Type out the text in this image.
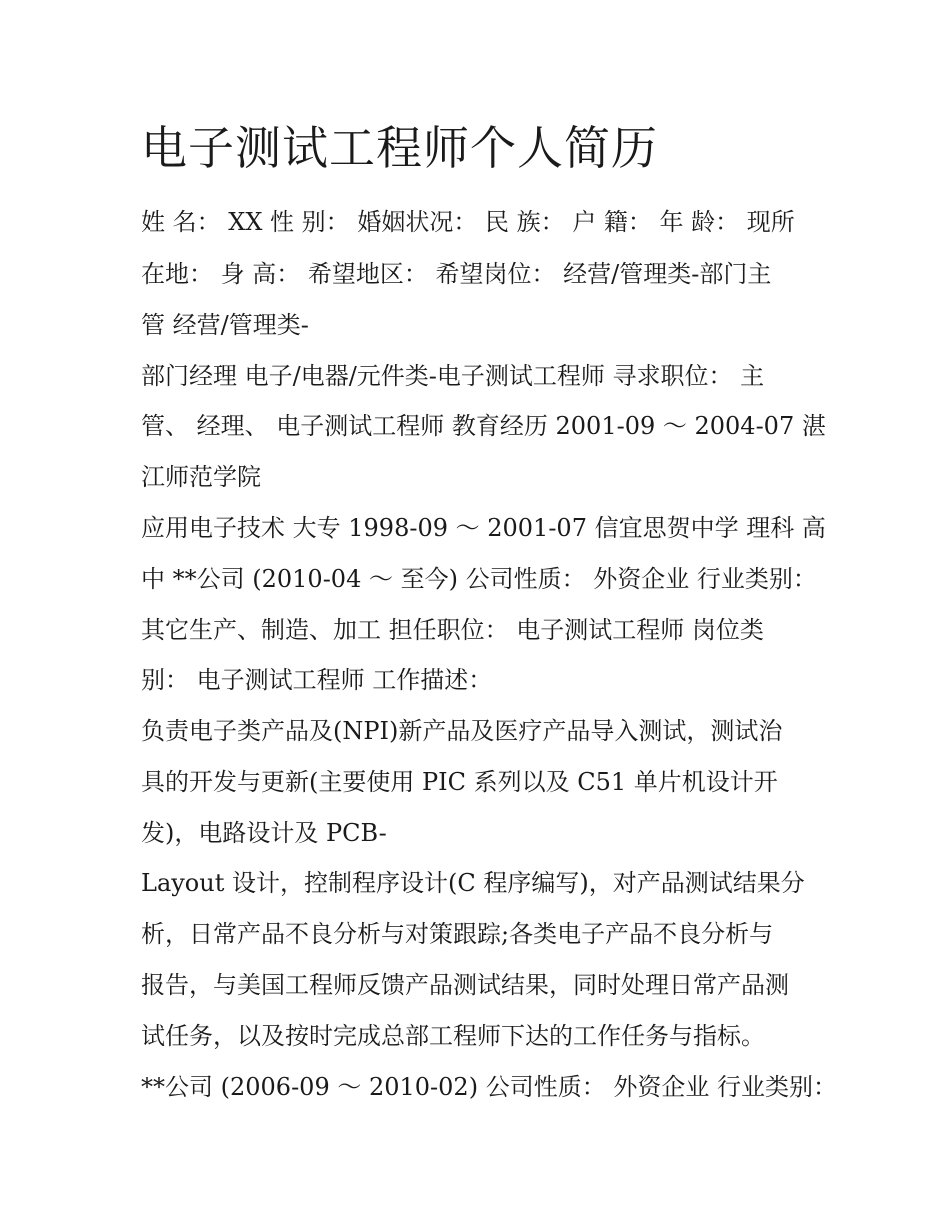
电子测试工程师个人简历

姓 名： XX 性 别： 婚姻状况： 民 族： 户 籍： 年 龄： 现所

在地： 身 高： 希望地区： 希望岗位： 经营/管理类-部门主

管 经营/管理类-

部门经理 电子/电器/元件类-电子测试工程师 寻求职位： 主

管、 经理、 电子测试工程师 教育经历 2001-09 ～ 2004-07 湛

江师范学院

应用电子技术 大专 1998-09 ～ 2001-07 信宜思贺中学 理科 高

中 **公司 (2010-04 ～ 至今) 公司性质： 外资企业 行业类别：

其它生产、制造、加工 担任职位： 电子测试工程师 岗位类

别： 电子测试工程师 工作描述：

负责电子类产品及(NPI)新产品及医疗产品导入测试，测试治

具的开发与更新(主要使用 PIC 系列以及 C51 单片机设计开

发)，电路设计及 PCB-

Layout 设计，控制程序设计(C 程序编写)，对产品测试结果分

析，日常产品不良分析与对策跟踪;各类电子产品不良分析与

报告，与美国工程师反馈产品测试结果，同时处理日常产品测

试任务，以及按时完成总部工程师下达的工作任务与指标。

**公司 (2006-09 ～ 2010-02) 公司性质： 外资企业 行业类别：
